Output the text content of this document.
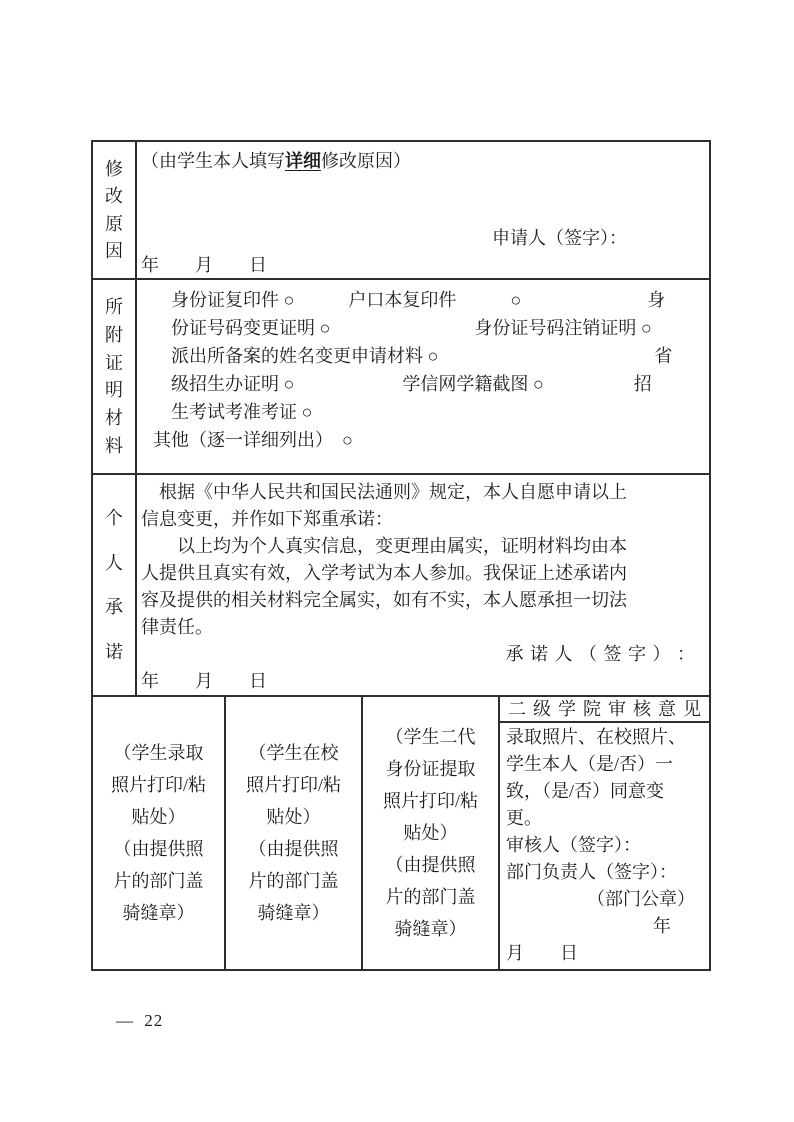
修
改
原
因
（由学生本人填写详细修改原因）
申请人（签字）：
年　　月　　日
所
附
证
明
材
料
　身份证复印件 ○　　　户口本复印件　　　○　　　　　　　身
　份证号码变更证明 ○　　　　　　　　身份证号码注销证明 ○
　派出所备案的姓名变更申请材料 ○　　　　　　　　　　　　省
　级招生办证明 ○　　　　　　学信网学籍截图 ○　　　　　招
　生考试考准考证 ○
其他（逐一详细列出）　○
个
人
承
诺
　根据《中华人民共和国民法通则》规定，本人自愿申请以上
信息变更，并作如下郑重承诺：
　　以上均为个人真实信息，变更理由属实，证明材料均由本
人提供且真实有效，入学考试为本人参加。我保证上述承诺内
容及提供的相关材料完全属实，如有不实，本人愿承担一切法
律责任。
承 诺 人 （ 签 字 ） ：
年　　月　　日
（学生录取
照片打印/粘
贴处）
（由提供照
片的部门盖
骑缝章）
（学生在校
照片打印/粘
贴处）
（由提供照
片的部门盖
骑缝章）
（学生二代
身份证提取
照片打印/粘
贴处）
（由提供照
片的部门盖
骑缝章）
二级学院审核意见
录取照片、在校照片、
学生本人（是/否）一
致，（是/否）同意变
更。
审核人（签字）：
部门负责人（签字）：
（部门公章）
年
月　　日
— 22
